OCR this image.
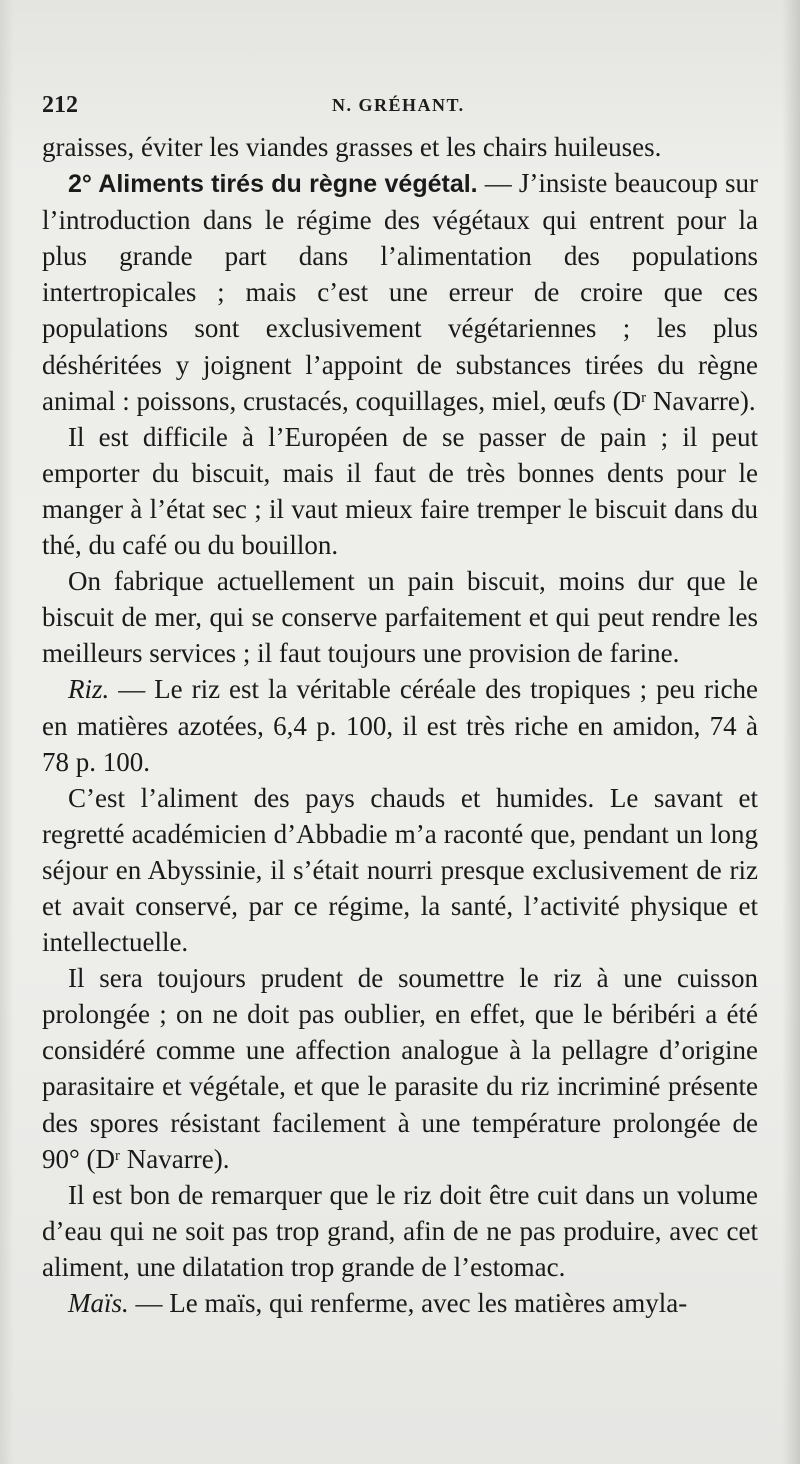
212	N. GRÉHANT.

graisses, éviter les viandes grasses et les chairs huileuses.

2° Aliments tirés du règne végétal. — J’insiste beaucoup sur l’introduction dans le régime des végétaux qui entrent pour la plus grande part dans l’alimentation des populations intertropicales ; mais c’est une erreur de croire que ces populations sont exclusivement végétariennes ; les plus déshéritées y joignent l’appoint de substances tirées du règne animal : poissons, crustacés, coquillages, miel, œufs ($D^r$ Navarre).

Il est difficile à l’Européen de se passer de pain ; il peut emporter du biscuit, mais il faut de très bonnes dents pour le manger à l’état sec ; il vaut mieux faire tremper le biscuit dans du thé, du café ou du bouillon.

On fabrique actuellement un pain biscuit, moins dur que le biscuit de mer, qui se conserve parfaitement et qui peut rendre les meilleurs services ; il faut toujours une provision de farine.

Riz. — Le riz est la véritable céréale des tropiques ; peu riche en matières azotées, 6,4 p. 100, il est très riche en amidon, 74 à 78 p. 100.

C’est l’aliment des pays chauds et humides. Le savant et regretté académicien d’Abbadie m’a raconté que, pendant un long séjour en Abyssinie, il s’était nourri presque exclusivement de riz et avait conservé, par ce régime, la santé, l’activité physique et intellectuelle.

Il sera toujours prudent de soumettre le riz à une cuisson prolongée ; on ne doit pas oublier, en effet, que le béribéri a été considéré comme une affection analogue à la pellagre d’origine parasitaire et végétale, et que le parasite du riz incriminé présente des spores résistant facilement à une température prolongée de 90° ($D^r$ Navarre).

Il est bon de remarquer que le riz doit être cuit dans un volume d’eau qui ne soit pas trop grand, afin de ne pas produire, avec cet aliment, une dilatation trop grande de l’estomac.

Maïs. — Le maïs, qui renferme, avec les matières amyla-
